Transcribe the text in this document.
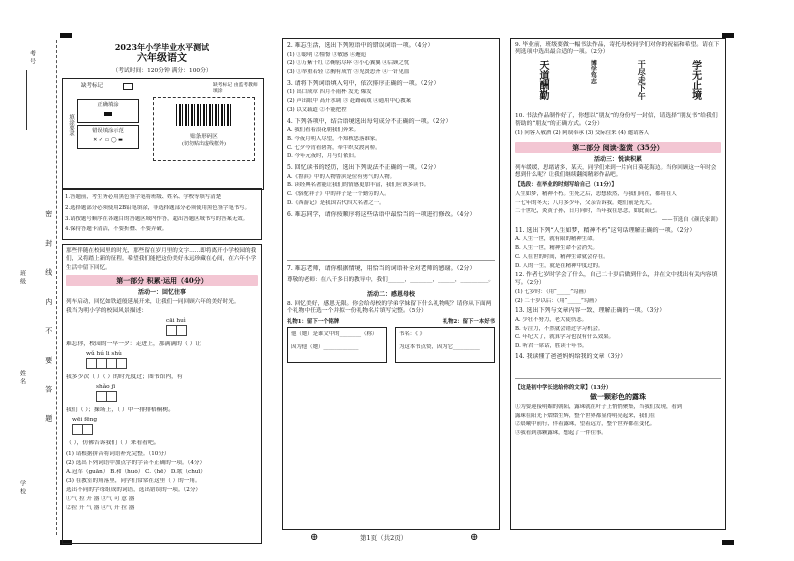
考号
班级
姓名
学校
密 封 线 内 不 要 答 题
2023年小学毕业水平测试
六年级语文
（考试时间：120分钟 满分：100分）
缺考标记	缺考标记 由监考教师填涂
填涂要求
正确填涂
错误填涂示范
✕ ✓ ▭ ◯ ▬	贴条形码区
(切勿贴出虚线框外)
1.答题前，考生务必用黑色签字笔将班级、姓名、学校等填写清楚
2.选择题部分必须使用2B铅笔填涂，非选择题部分必须使用黑色签字笔书写。
3.请按题号顺序在各题目的答题区域内作答，超出答题区域书写的答案无效。
4.保持答题卡清洁，不要折叠、不要弄破。
那些伴随在校园里的时光，那些留在岁月里的文字……即将离开小学校园的我们，又将踏上新的征程。希望我们能把这份美好永远珍藏在心间，在六年小学生活中留下回忆。
第一部分 积累·运用（40分）
活动一：回忆往事
列车启动，回忆如铁道般延展开来，让我们一同回顾六年的美好时光。
我当为明小学的校园风景描述：
cāi huì
难忘你，校园的一早一夕：走进上，那满满的（ ）让
wǔ hú li shù
我多少次（ ）（ ）的时光度过；图书馆内，有
shǎo jī
我们（ ）；操场上，（ ）中一排排梧桐树。
wēi fēng
（ ），仿佛告诉我们（ ）来看看吧。
(1) 请根据拼音将词语补充完整。（10分）
(2) 选出下列词语中加点字的字音不正确的一项。（4分）
A.冠军（guān） B.和（huò） C.（hē） D.歌（chuī）
(3) 在教室的角落里，同学们常常在这里（ ）的一角。
选出不同的字母组成的词语，选出错误的一项。（2分）
①气 拉 开 器 ③气 可 意 器
②拉 升 气 器 ④气 开 拉 器
2. 难忘生活，选出下列短语中的错误词语一项。（4分）
(1) ①聪明 ②憧憬 ③敏感 ④邂逅
(2) ①万紫千红 ②鞠躬尽瘁 ③小心翼翼 ④后顾之忧
(3) ①举重若轻 ②胸有成竹 ③见贤思齐 ④一针见血
3. 请将下列词语填入句中，依次排序正确的一项。（2分）
(1) 出口成章 四月不雨杯 发光 爆发
(2) 声出眼中 高开水调 ③ 赶路疏戏 ④通用中心教案
(3) 以文载道 ②不能把控
4. 下列各项中，结合语境选出每句成分不正确的一项。（2分）
A. 我们看着浪花朝我们奔来。
B. 今夜月明人尽望，不知秋思落谁家。
C. 七夕今宵看碧霄，牵牛织女渡河桥。
D. 今年元夜时，月与灯依旧。
5. 回忆读书的经历，选出下列说法不正确的一项。（2分）
A.《鲁滨》中的人物鲁滨是位有勇气的人物。
B. 读经典名著能让我们的情感更加丰富，我们应该多读书。
C.《骆驼祥子》中的祥子是一个勤劳的人。
D.《西游记》是我国古代四大名著之一。
6. 难忘同学，请你按顺序将这些话语中最恰当的一项进行修改。（4分）
7. 难忘老师，请你根据情境，用恰当的词语补全对老师的感谢。（2分）
尊敬的老师：在八千多日的教导中，我们______，________，______，__________。
活动二：感恩母校
8. 回忆美好，感恩无限。你会给母校的学弟学妹留下什么礼物呢？请你从下面两个礼物中任选一个并拟一份礼物名片填写完整。（5分）
礼物1：留下一个铭牌	礼物2：留下一本好书
他（她）是谁文中的________（称）
因为他（她）_____________
书名：《 》
为这本书点赞，因为它__________
9. 毕业前，班级要做一幅书法作品，寄托母校同学们对你的祝福和希望。请在下列选项中选出最合适的一项。（2分）
天道酬勤	博学笃志	干尽走下午	学无止境
10. 书法作品制作好了，你想以“朋友”的身份写一封信，请选择“朋友书”给我们帮助的“朋友”的正确方式。（2分）
(1) 向客人敬酒 (2) 阿谀奉承 (3) 交际往来 (4) 邀请客人
第二部分 阅读·鉴赏（35分）
活动三：悦读积累
列车缓缓，思绪诸多，某天，同学们来到一片向日葵花海边。当你回顾这一年时会想到什么呢？让我们继续翻阅精彩作品吧。
【选段：在毕业的时刻写给自己（11分）】
人生如梦，精神不朽。生死之后，思想依然，与我们同在，都将在人
一七年的冬天；八月多少年，父亲告诉我。她们前是光大。
二十世纪，炎黄子孙，日月向时，当年我在思念，如此而已。
——节选自《颜氏家训》
11. 选出下列“人生如梦，精神不朽”这句话理解正确的一项。（2分）
A. 人生一世，就有限的精神生命。
B. 人生一世，精神生命不会消失。
C. 人在世的时间，精神生命就会存在。
D. 人的一生，就是在精神中度过的。
12. 作者七岁时学会了什么，自己二十岁后做到什么，并在文中找出有关内容填写。（2分）
(1) 七岁时：（用“_____”勾画）
(2) 二十岁以后：（用“_____”勾画）
13. 选出下列与文章内容一致、理解正确的一项。（3分）
A. 少壮不努力，老大徒伤悲。
B. 专注力，不然就会错过学习机会。
C. 年纪大了，就算学习也没有什么效果。
D. 听君一席话，胜读十年书。
14. 我读懂了爸爸妈妈给我的文章（3分）
【这是初中学长送给你的文章】（13分）
做一颗彩色的露珠
①为要迎接明媚的朝阳，露珠就在叶子上悄悄聚集，当我们发现，看到
露珠在阳光下熠熠生辉，整个世界都显得明亮起来，我们在
②晨曦中前行，伴着露珠，望着远方，整个世界都在变化。
③我看到那颗露珠，想起了一件往事。
⊕	第1页（共2页）	⊕
